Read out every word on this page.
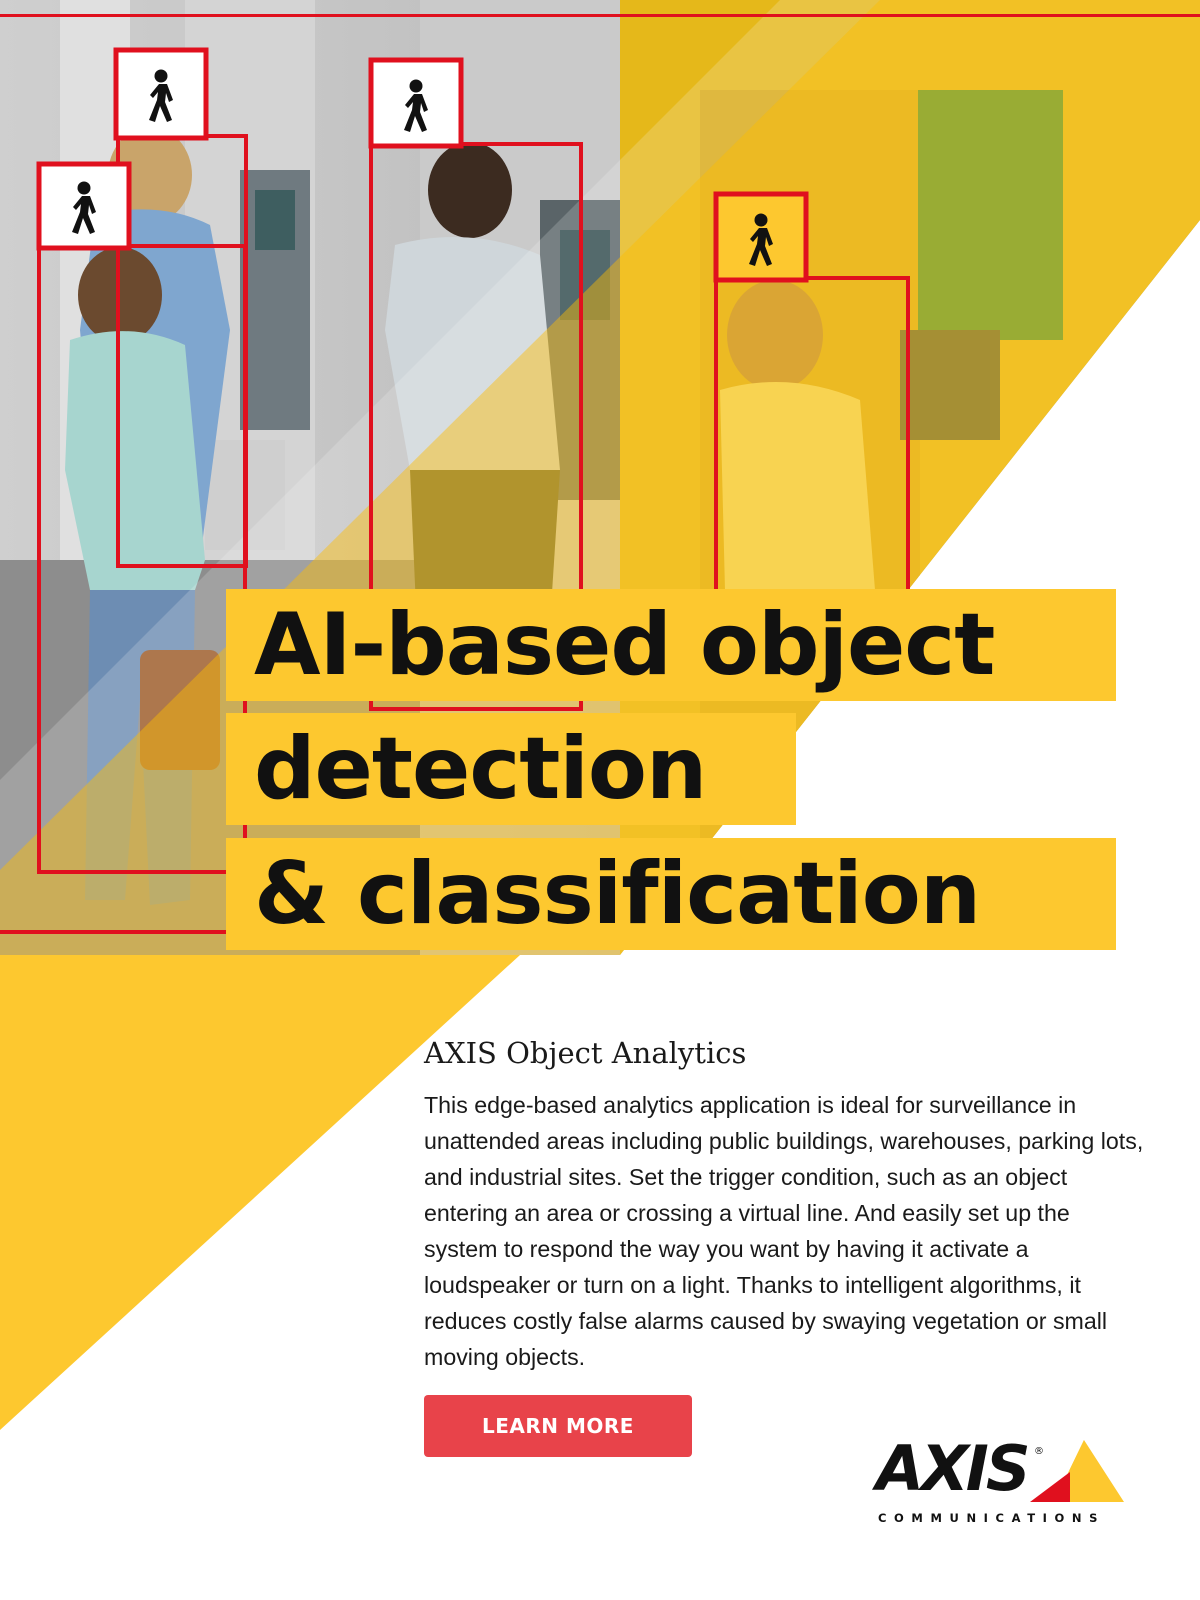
AI-based object
detection
& classification
AXIS Object Analytics

This edge-based analytics application is ideal for surveillance in unattended areas including public buildings, warehouses, parking lots, and industrial sites. Set the trigger condition, such as an object entering an area or crossing a virtual line. And easily set up the system to respond the way you want by having it activate a loudspeaker or turn on a light. Thanks to intelligent algorithms, it reduces costly false alarms caused by swaying vegetation or small moving objects.

LEARN MORE
AXIS ®
COMMUNICATIONS
